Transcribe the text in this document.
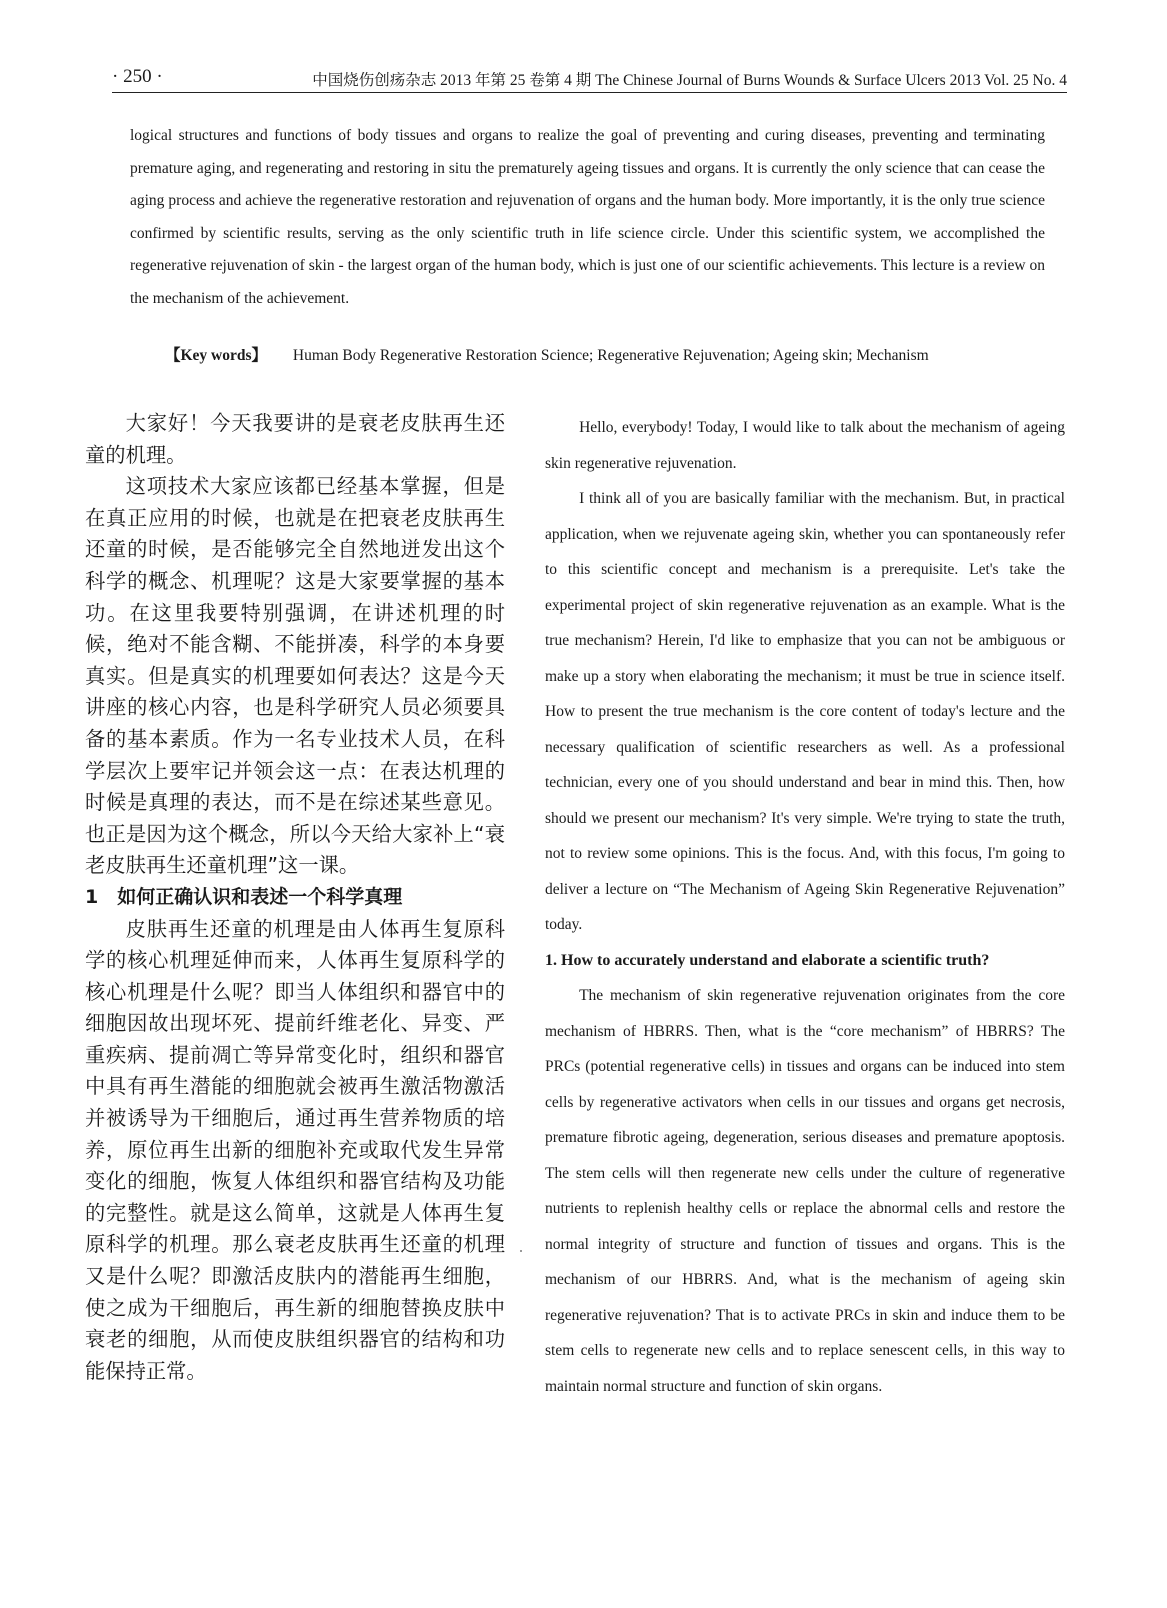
· 250 ·	中国烧伤创疡杂志 2013 年第 25 卷第 4 期 The Chinese Journal of Burns Wounds & Surface Ulcers 2013 Vol. 25 No. 4

logical structures and functions of body tissues and organs to realize the goal of preventing and curing diseases, preventing and terminating premature aging, and regenerating and restoring in situ the prematurely ageing tissues and organs. It is currently the only science that can cease the aging process and achieve the regenerative restoration and rejuvenation of organs and the human body. More importantly, it is the only true science confirmed by scientific results, serving as the only scientific truth in life science circle. Under this scientific system, we accomplished the regenerative rejuvenation of skin - the largest organ of the human body, which is just one of our scientific achievements. This lecture is a review on the mechanism of the achievement.

【Key words】 Human Body Regenerative Restoration Science; Regenerative Rejuvenation; Ageing skin; Mechanism

大家好！今天我要讲的是衰老皮肤再生还童的机理。

这项技术大家应该都已经基本掌握，但是在真正应用的时候，也就是在把衰老皮肤再生还童的时候，是否能够完全自然地迸发出这个科学的概念、机理呢？这是大家要掌握的基本功。在这里我要特别强调，在讲述机理的时候，绝对不能含糊、不能拼凑，科学的本身要真实。但是真实的机理要如何表达？这是今天讲座的核心内容，也是科学研究人员必须要具备的基本素质。作为一名专业技术人员，在科学层次上要牢记并领会这一点：在表达机理的时候是真理的表达，而不是在综述某些意见。也正是因为这个概念，所以今天给大家补上“衰老皮肤再生还童机理”这一课。

1　如何正确认识和表述一个科学真理

皮肤再生还童的机理是由人体再生复原科学的核心机理延伸而来，人体再生复原科学的核心机理是什么呢？即当人体组织和器官中的细胞因故出现坏死、提前纤维老化、异变、严重疾病、提前凋亡等异常变化时，组织和器官中具有再生潜能的细胞就会被再生激活物激活并被诱导为干细胞后，通过再生营养物质的培养，原位再生出新的细胞补充或取代发生异常变化的细胞，恢复人体组织和器官结构及功能的完整性。就是这么简单，这就是人体再生复原科学的机理。那么衰老皮肤再生还童的机理又是什么呢？即激活皮肤内的潜能再生细胞，使之成为干细胞后，再生新的细胞替换皮肤中衰老的细胞，从而使皮肤组织器官的结构和功能保持正常。

Hello, everybody! Today, I would like to talk about the mechanism of ageing skin regenerative rejuvenation.

I think all of you are basically familiar with the mechanism. But, in practical application, when we rejuvenate ageing skin, whether you can spontaneously refer to this scientific concept and mechanism is a prerequisite. Let's take the experimental project of skin regenerative rejuvenation as an example. What is the true mechanism? Herein, I'd like to emphasize that you can not be ambiguous or make up a story when elaborating the mechanism; it must be true in science itself. How to present the true mechanism is the core content of today's lecture and the necessary qualification of scientific researchers as well. As a professional technician, every one of you should understand and bear in mind this. Then, how should we present our mechanism? It's very simple. We're trying to state the truth, not to review some opinions. This is the focus. And, with this focus, I'm going to deliver a lecture on “The Mechanism of Ageing Skin Regenerative Rejuvenation” today.

1. How to accurately understand and elaborate a scientific truth?

The mechanism of skin regenerative rejuvenation originates from the core mechanism of HBRRS. Then, what is the “core mechanism” of HBRRS? The PRCs (potential regenerative cells) in tissues and organs can be induced into stem cells by regenerative activators when cells in our tissues and organs get necrosis, premature fibrotic ageing, degeneration, serious diseases and premature apoptosis. The stem cells will then regenerate new cells under the culture of regenerative nutrients to replenish healthy cells or replace the abnormal cells and restore the normal integrity of structure and function of tissues and organs. This is the mechanism of our HBRRS. And, what is the mechanism of ageing skin regenerative rejuvenation? That is to activate PRCs in skin and induce them to be stem cells to regenerate new cells and to replace senescent cells, in this way to maintain normal structure and function of skin organs.
